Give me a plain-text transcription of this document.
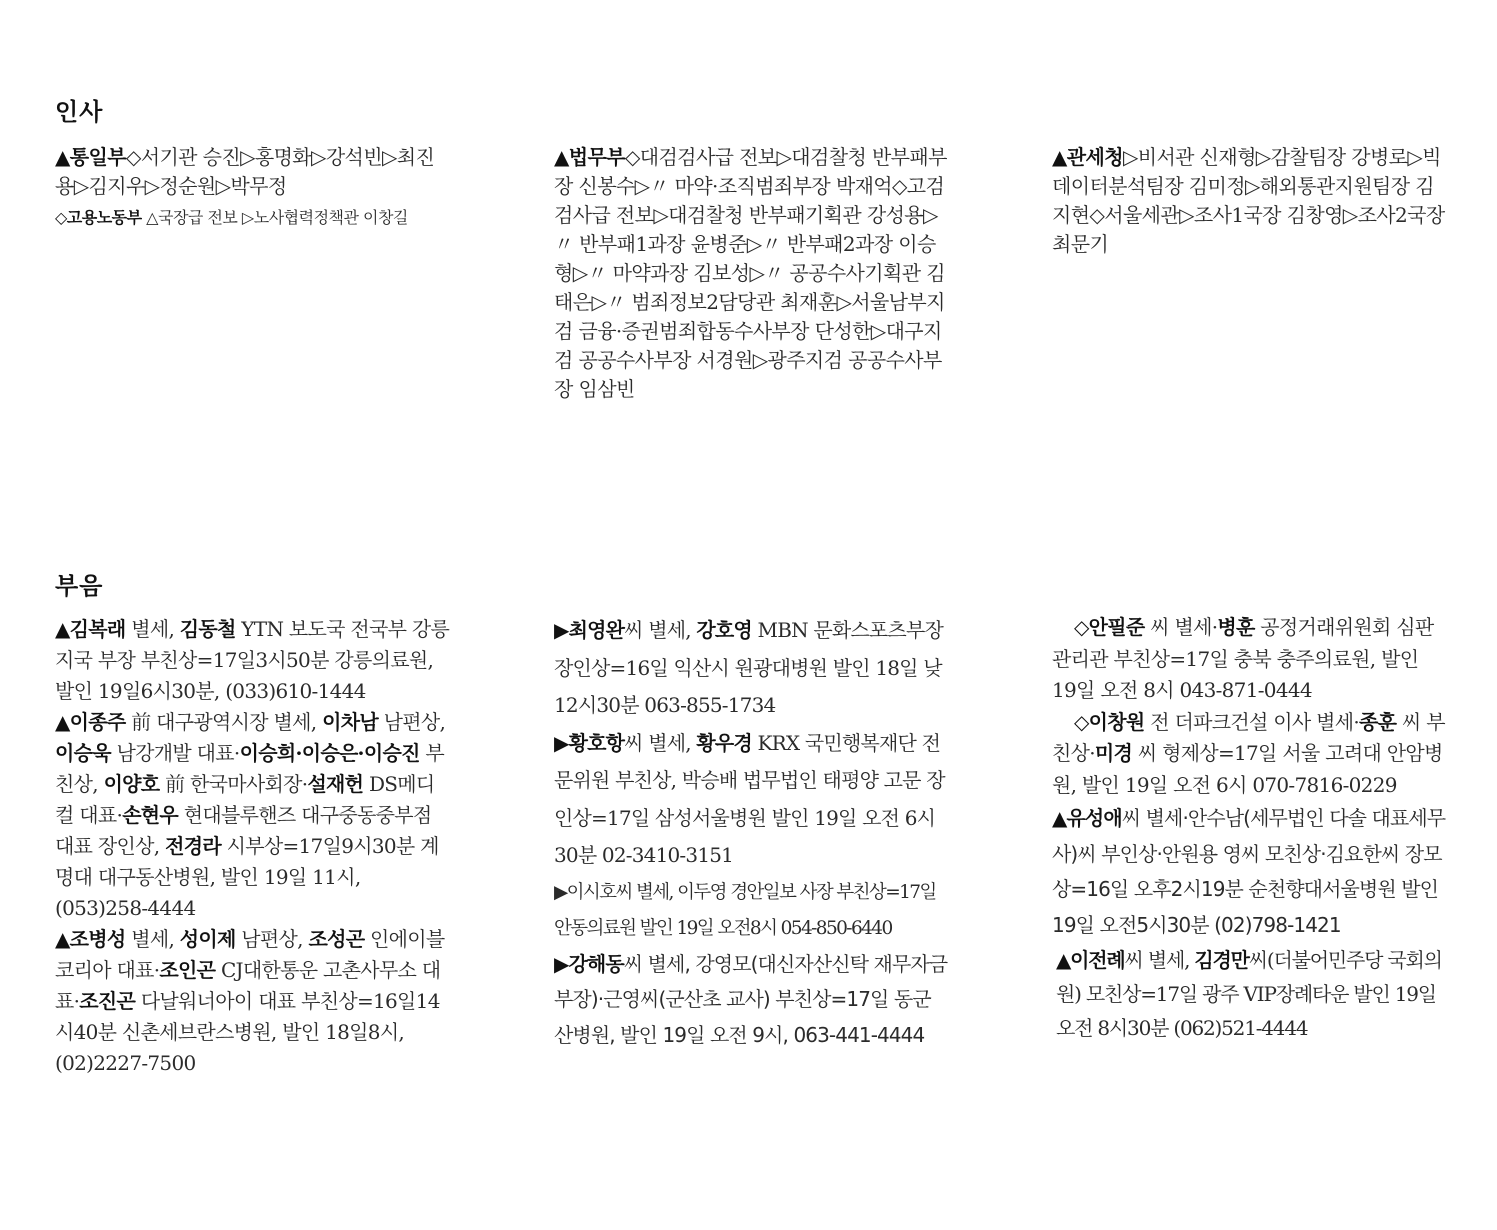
인사

▲통일부◇서기관 승진▷홍명화▷강석빈▷최진용▷김지우▷정순원▷박무정

◇고용노동부 △국장급 전보 ▷노사협력정책관 이창길

▲법무부◇대검검사급 전보▷대검찰청 반부패부장 신봉수▷〃 마약·조직범죄부장 박재억◇고검검사급 전보▷대검찰청 반부패기획관 강성용▷〃 반부패1과장 윤병준▷〃 반부패2과장 이승형▷〃 마약과장 김보성▷〃 공공수사기획관 김태은▷〃 범죄정보2담당관 최재훈▷서울남부지검 금융·증권범죄합동수사부장 단성한▷대구지검 공공수사부장 서경원▷광주지검 공공수사부장 임삼빈

▲관세청▷비서관 신재형▷감찰팀장 강병로▷빅데이터분석팀장 김미정▷해외통관지원팀장 김지현◇서울세관▷조사1국장 김창영▷조사2국장 최문기

부음

▲김복래 별세, 김동철 YTN 보도국 전국부 강릉지국 부장 부친상=17일3시50분 강릉의료원, 발인 19일6시30분, (033)610-1444

▲이종주 前 대구광역시장 별세, 이차남 남편상, 이승욱 남강개발 대표·이승희·이승은·이승진 부친상, 이양호 前 한국마사회장·설재헌 DS메디컬 대표·손현우 현대블루핸즈 대구중동중부점 대표 장인상, 전경라 시부상=17일9시30분 계명대 대구동산병원, 발인 19일 11시, (053)258-4444

▲조병성 별세, 성이제 남편상, 조성곤 인에이블코리아 대표·조인곤 CJ대한통운 고촌사무소 대표·조진곤 다날워너아이 대표 부친상=16일14시40분 신촌세브란스병원, 발인 18일8시, (02)2227-7500

▶최영완씨 별세, 강호영 MBN 문화스포츠부장 장인상=16일 익산시 원광대병원 발인 18일 낮 12시30분 063-855-1734

▶황호항씨 별세, 황우경 KRX 국민행복재단 전문위원 부친상, 박승배 법무법인 태평양 고문 장인상=17일 삼성서울병원 발인 19일 오전 6시30분 02-3410-3151

▶이시호씨 별세, 이두영 경안일보 사장 부친상=17일 안동의료원 발인 19일 오전8시 054-850-6440

▶강해동씨 별세, 강영모(대신자산신탁 재무자금부장)·근영씨(군산초 교사) 부친상=17일 동군산병원, 발인 19일 오전 9시, 063-441-4444

◇안필준 씨 별세·병훈 공정거래위원회 심판관리관 부친상=17일 충북 충주의료원, 발인 19일 오전 8시 043-871-0444

◇이창원 전 더파크건설 이사 별세·종훈 씨 부친상·미경 씨 형제상=17일 서울 고려대 안암병원, 발인 19일 오전 6시 070-7816-0229

▲유성애씨 별세·안수남(세무법인 다솔 대표세무사)씨 부인상·안원용 영씨 모친상·김요한씨 장모상=16일 오후2시19분 순천향대서울병원 발인 19일 오전5시30분 (02)798-1421

▲이전례씨 별세, 김경만씨(더불어민주당 국회의원) 모친상=17일 광주 VIP장례타운 발인 19일 오전 8시30분 (062)521-4444
